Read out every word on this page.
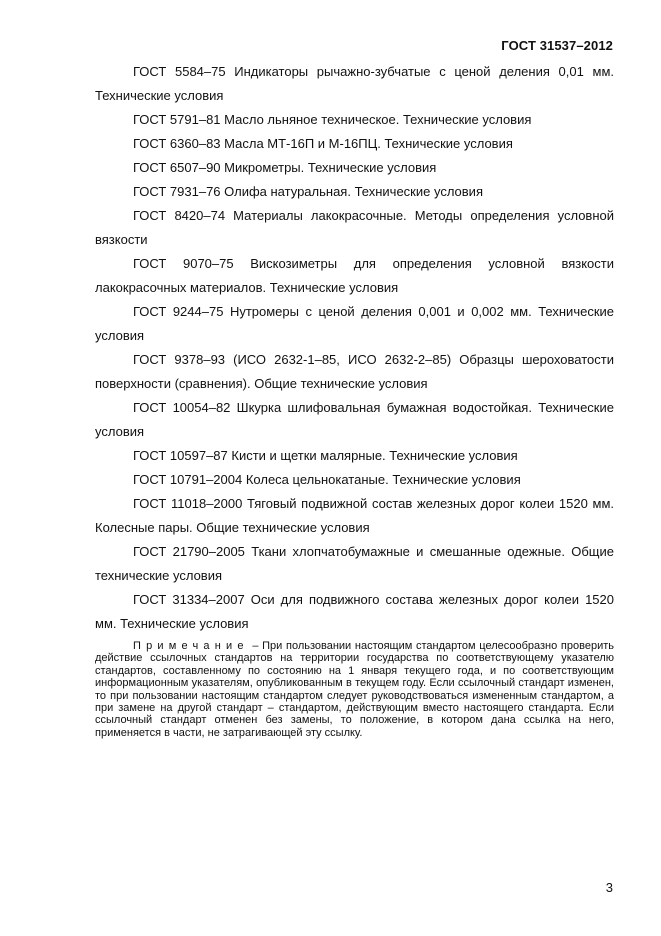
ГОСТ 31537–2012

ГОСТ 5584–75 Индикаторы рычажно-зубчатые с ценой деления 0,01 мм. Технические условия

ГОСТ 5791–81 Масло льняное техническое. Технические условия

ГОСТ 6360–83 Масла МТ-16П и М-16ПЦ. Технические условия

ГОСТ 6507–90 Микрометры. Технические условия

ГОСТ 7931–76 Олифа натуральная. Технические условия

ГОСТ 8420–74 Материалы лакокрасочные. Методы определения условной вязкости

ГОСТ 9070–75 Вискозиметры для определения условной вязкости лакокрасочных материалов. Технические условия

ГОСТ 9244–75 Нутромеры с ценой деления 0,001 и 0,002 мм. Технические условия

ГОСТ 9378–93 (ИСО 2632-1–85, ИСО 2632-2–85) Образцы шероховатости поверхности (сравнения). Общие технические условия

ГОСТ 10054–82 Шкурка шлифовальная бумажная водостойкая. Технические условия

ГОСТ 10597–87 Кисти и щетки малярные. Технические условия

ГОСТ 10791–2004 Колеса цельнокатаные. Технические условия

ГОСТ 11018–2000 Тяговый подвижной состав железных дорог колеи 1520 мм. Колесные пары. Общие технические условия

ГОСТ 21790–2005 Ткани хлопчатобумажные и смешанные одежные. Общие технические условия

ГОСТ 31334–2007 Оси для подвижного состава железных дорог колеи 1520 мм. Технические условия

Примечание – При пользовании настоящим стандартом целесообразно проверить действие ссылочных стандартов на территории государства по соответствующему указателю стандартов, составленному по состоянию на 1 января текущего года, и по соответствующим информационным указателям, опубликованным в текущем году. Если ссылочный стандарт изменен, то при пользовании настоящим стандартом следует руководствоваться измененным стандартом, а при замене на другой стандарт – стандартом, действующим вместо настоящего стандарта. Если ссылочный стандарт отменен без замены, то положение, в котором дана ссылка на него, применяется в части, не затрагивающей эту ссылку.

3
